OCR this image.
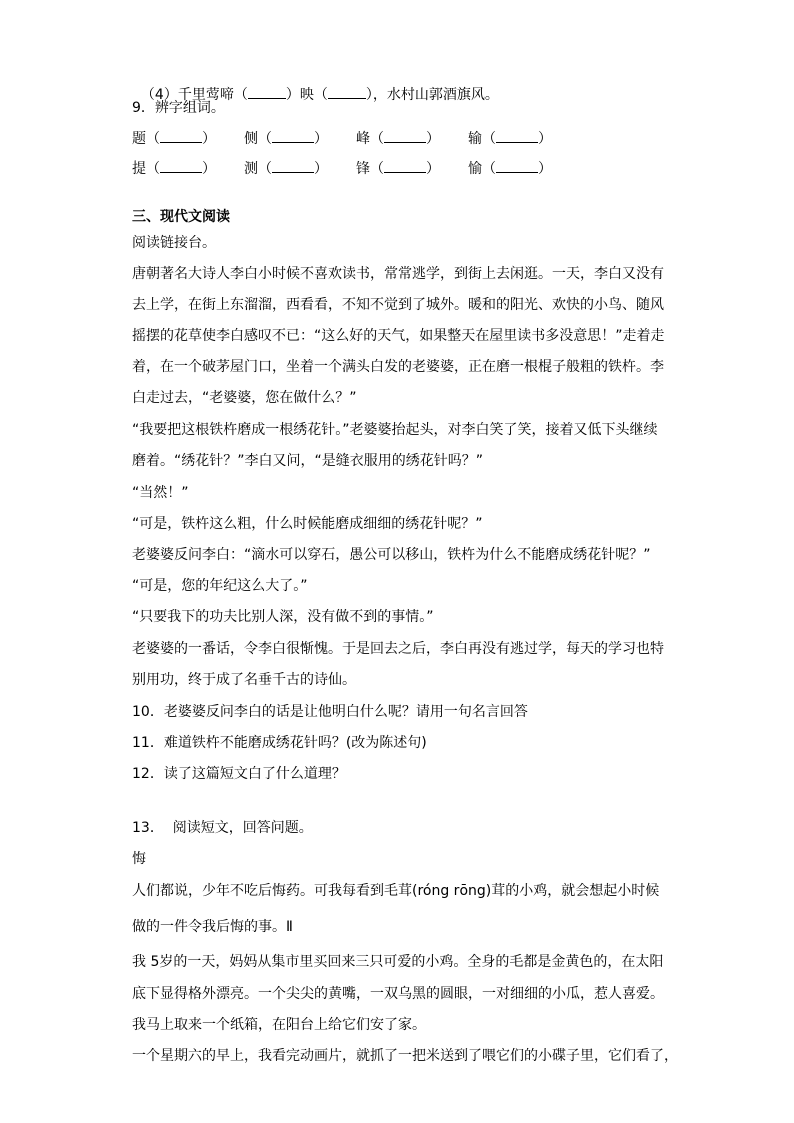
（4）千里莺啼（	）映（	），水村山郭酒旗风。

9．辨字组词。
题（	） 侧（	） 峰（	） 输（	）
提（	） 测（	） 锋（	） 愉（	）
三、现代文阅读
阅读链接台。
唐朝著名大诗人李白小时候不喜欢读书，常常逃学，到街上去闲逛。一天，李白又没有
去上学，在街上东溜溜，西看看，不知不觉到了城外。暖和的阳光、欢快的小鸟、随风
摇摆的花草使李白感叹不已：“这么好的天气，如果整天在屋里读书多没意思！”走着走
着，在一个破茅屋门口，坐着一个满头白发的老婆婆，正在磨一根棍子般粗的铁杵。李
白走过去，“老婆婆，您在做什么？”
“我要把这根铁杵磨成一根绣花针。”老婆婆抬起头，对李白笑了笑，接着又低下头继续
磨着。“绣花针？”李白又问，“是缝衣服用的绣花针吗？”
“当然！”
“可是，铁杵这么粗，什么时候能磨成细细的绣花针呢？”
老婆婆反问李白：“滴水可以穿石，愚公可以移山，铁杵为什么不能磨成绣花针呢？”
“可是，您的年纪这么大了。”
“只要我下的功夫比别人深，没有做不到的事情。”
老婆婆的一番话，令李白很惭愧。于是回去之后，李白再没有逃过学，每天的学习也特
别用功，终于成了名垂千古的诗仙。
10．老婆婆反问李白的话是让他明白什么呢？请用一句名言回答
11．难道铁杵不能磨成绣花针吗？(改为陈述句)
12．读了这篇短文白了什么道理？
13．  阅读短文，回答问题。
悔
人们都说，少年不吃后悔药。可我每看到毛茸(róng rōng)茸的小鸡，就会想起小时候
做的一件令我后悔的事。Ⅱ
我 5岁的一天，妈妈从集市里买回来三只可爱的小鸡。全身的毛都是金黄色的，在太阳
底下显得格外漂亮。一个尖尖的黄嘴，一双乌黑的圆眼，一对细细的小瓜，惹人喜爱。
我马上取来一个纸箱，在阳台上给它们安了家。
一个星期六的早上，我看完动画片，就抓了一把米送到了喂它们的小碟子里，它们看了，
